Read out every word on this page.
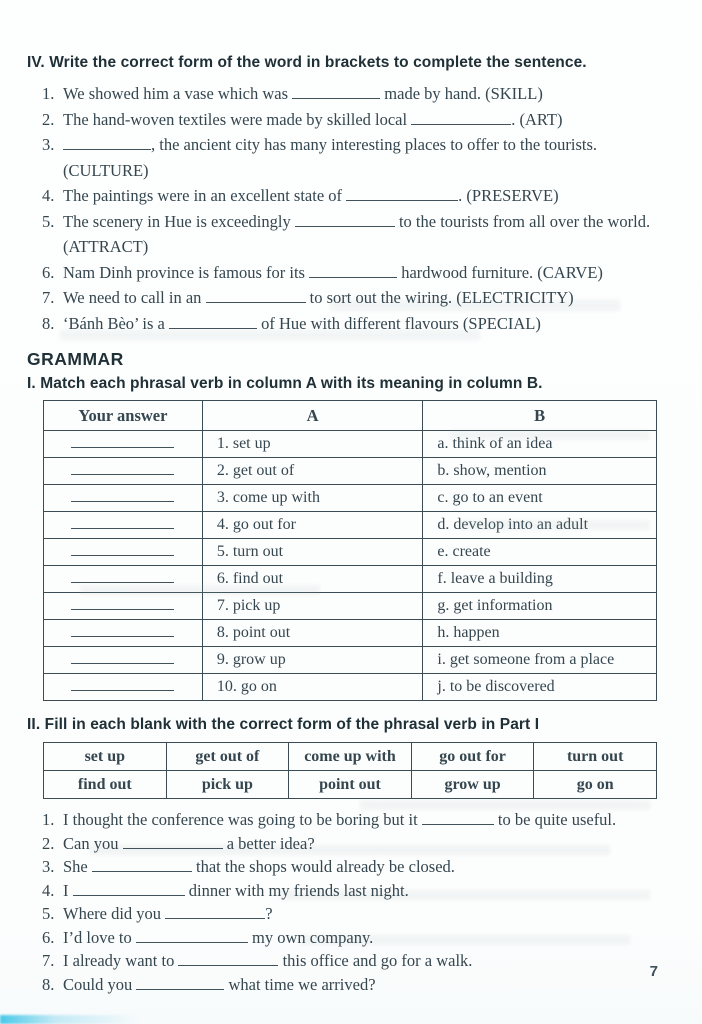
IV. Write the correct form of the word in brackets to complete the sentence.
1. We showed him a vase which was	made by hand. (SKILL)
2. The hand-woven textiles were made by skilled local	. (ART)
3.	, the ancient city has many interesting places to offer to the tourists. (CULTURE)
4. The paintings were in an excellent state of	. (PRESERVE)
5. The scenery in Hue is exceedingly	to the tourists from all over the world. (ATTRACT)
6. Nam Dinh province is famous for its	hardwood furniture. (CARVE)
7. We need to call in an	to sort out the wiring. (ELECTRICITY)
8. ‘Bánh Bèo’ is a	of Hue with different flavours (SPECIAL)
GRAMMAR
I. Match each phrasal verb in column A with its meaning in column B.
Your answer	A	B
	1. set up	a. think of an idea
	2. get out of	b. show, mention
	3. come up with	c. go to an event
	4. go out for	d. develop into an adult
	5. turn out	e. create
	6. find out	f. leave a building
	7. pick up	g. get information
	8. point out	h. happen
	9. grow up	i. get someone from a place
	10. go on	j. to be discovered
II. Fill in each blank with the correct form of the phrasal verb in Part I
set up	get out of	come up with	go out for	turn out
find out	pick up	point out	grow up	go on
1. I thought the conference was going to be boring but it	to be quite useful.
2. Can you	a better idea?
3. She	that the shops would already be closed.
4. I	dinner with my friends last night.
5. Where did you	?
6. I’d love to	my own company.
7. I already want to	this office and go for a walk.
8. Could you	what time we arrived?
7
